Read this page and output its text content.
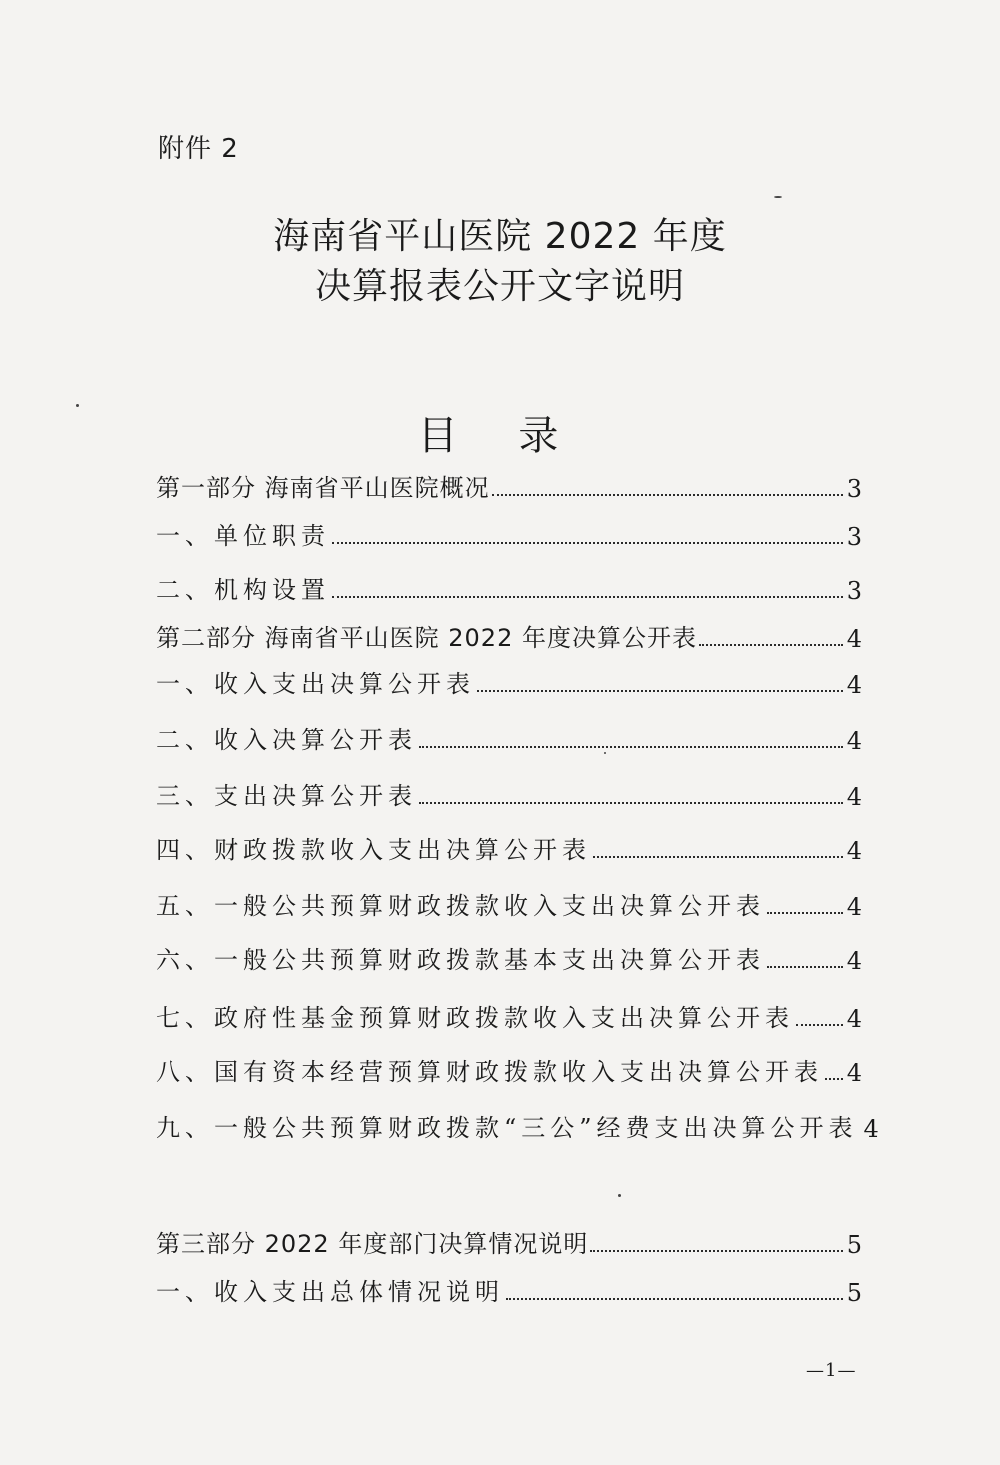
附件 2
海南省平山医院 2022 年度
决算报表公开文字说明
目 录
第一部分 海南省平山医院概况	3
一、单位职责	3
二、机构设置	3
第二部分 海南省平山医院 2022 年度决算公开表	4
一、收入支出决算公开表	4
二、收入决算公开表	4
三、支出决算公开表	4
四、财政拨款收入支出决算公开表	4
五、一般公共预算财政拨款收入支出决算公开表	4
六、一般公共预算财政拨款基本支出决算公开表	4
七、政府性基金预算财政拨款收入支出决算公开表 4
八、国有资本经营预算财政拨款收入支出决算公开表 4
九、一般公共预算财政拨款“三公”经费支出决算公开表 4
第三部分 2022 年度部门决算情况说明	5
一、收入支出总体情况说明	5
—1—
